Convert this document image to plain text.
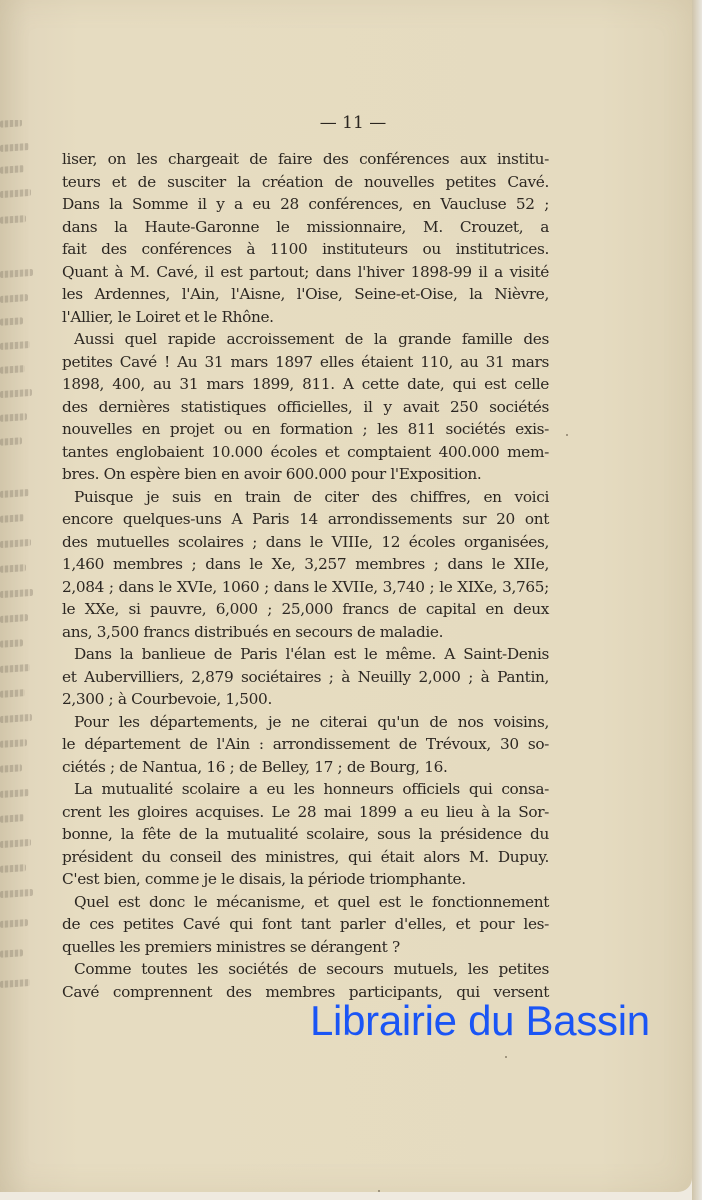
— 11 —
liser, on les chargeait de faire des conférences aux institu-
teurs et de susciter la création de nouvelles petites Cavé.
Dans la Somme il y a eu 28 conférences, en Vaucluse 52 ;
dans la Haute-Garonne le missionnaire, M. Crouzet, a
fait des conférences à 1100 instituteurs ou institutrices.
Quant à M. Cavé, il est partout; dans l'hiver 1898-99 il a visité
les Ardennes, l'Ain, l'Aisne, l'Oise, Seine-et-Oise, la Nièvre,
l'Allier, le Loiret et le Rhône.
Aussi quel rapide accroissement de la grande famille des
petites Cavé ! Au 31 mars 1897 elles étaient 110, au 31 mars
1898, 400, au 31 mars 1899, 811. A cette date, qui est celle
des dernières statistiques officielles, il y avait 250 sociétés
nouvelles en projet ou en formation ; les 811 sociétés exis-
tantes englobaient 10.000 écoles et comptaient 400.000 mem-
bres. On espère bien en avoir 600.000 pour l'Exposition.
Puisque je suis en train de citer des chiffres, en voici
encore quelques-uns A Paris 14 arrondissements sur 20 ont
des mutuelles scolaires ; dans le VIIIe, 12 écoles organisées,
1,460 membres ; dans le Xe, 3,257 membres ; dans le XIIe,
2,084 ; dans le XVIe, 1060 ; dans le XVIIe, 3,740 ; le XIXe, 3,765;
le XXe, si pauvre, 6,000 ; 25,000 francs de capital en deux
ans, 3,500 francs distribués en secours de maladie.
Dans la banlieue de Paris l'élan est le même. A Saint-Denis
et Aubervilliers, 2,879 sociétaires ; à Neuilly 2,000 ; à Pantin,
2,300 ; à Courbevoie, 1,500.
Pour les départements, je ne citerai qu'un de nos voisins,
le département de l'Ain : arrondissement de Trévoux, 30 so-
ciétés ; de Nantua, 16 ; de Belley, 17 ; de Bourg, 16.
La mutualité scolaire a eu les honneurs officiels qui consa-
crent les gloires acquises. Le 28 mai 1899 a eu lieu à la Sor-
bonne, la fête de la mutualité scolaire, sous la présidence du
président du conseil des ministres, qui était alors M. Dupuy.
C'est bien, comme je le disais, la période triomphante.
Quel est donc le mécanisme, et quel est le fonctionnement
de ces petites Cavé qui font tant parler d'elles, et pour les-
quelles les premiers ministres se dérangent ?
Comme toutes les sociétés de secours mutuels, les petites
Cavé comprennent des membres participants, qui versent
Librairie du Bassin
